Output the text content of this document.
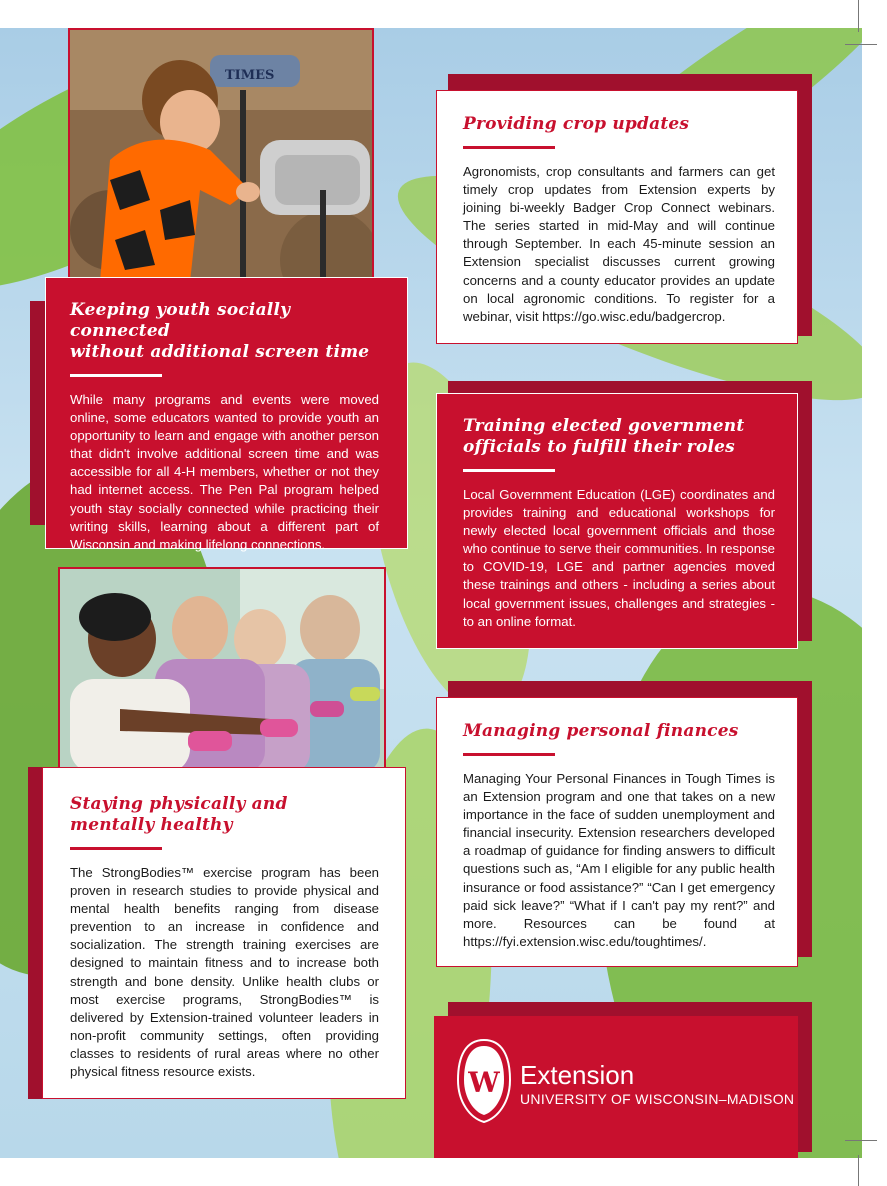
TIMES
Keeping youth socially connected
without additional screen time

While many programs and events were moved online, some educators wanted to provide youth an opportunity to learn and engage with another person that didn't involve additional screen time and was accessible for all 4-H members, whether or not they had internet access. The Pen Pal program helped youth stay socially connected while practicing their writing skills, learning about a different part of Wisconsin and making lifelong connections.

Providing crop updates

Agronomists, crop consultants and farmers can get timely crop updates from Extension experts by joining bi-weekly Badger Crop Connect webinars. The series started in mid-May and will continue through September. In each 45-minute session an Extension specialist discusses current growing concerns and a county educator provides an update on local agronomic conditions. To register for a webinar, visit https://go.wisc.edu/badgercrop.

Training elected government
officials to fulfill their roles

Local Government Education (LGE) coordinates and provides training and educational workshops for newly elected local government officials and those who continue to serve their communities. In response to COVID-19, LGE and partner agencies moved these trainings and others - including a series about local government issues, challenges and strategies - to an online format.

Staying physically and
mentally healthy

The StrongBodies™ exercise program has been proven in research studies to provide physical and mental health benefits ranging from disease prevention to an increase in confidence and socialization. The strength training exercises are designed to maintain fitness and to increase both strength and bone density. Unlike health clubs or most exercise programs, StrongBodies™ is delivered by Extension-trained volunteer leaders in non-profit community settings, often providing classes to residents of rural areas where no other physical fitness resource exists.

Managing personal finances

Managing Your Personal Finances in Tough Times is an Extension program and one that takes on a new importance in the face of sudden unemployment and financial insecurity. Extension researchers developed a roadmap of guidance for finding answers to difficult questions such as, “Am I eligible for any public health insurance or food assistance?” “Can I get emergency paid sick leave?” “What if I can't pay my rent?” and more. Resources can be found at https://fyi.extension.wisc.edu/toughtimes/.

W Extension
UNIVERSITY OF WISCONSIN–MADISON
